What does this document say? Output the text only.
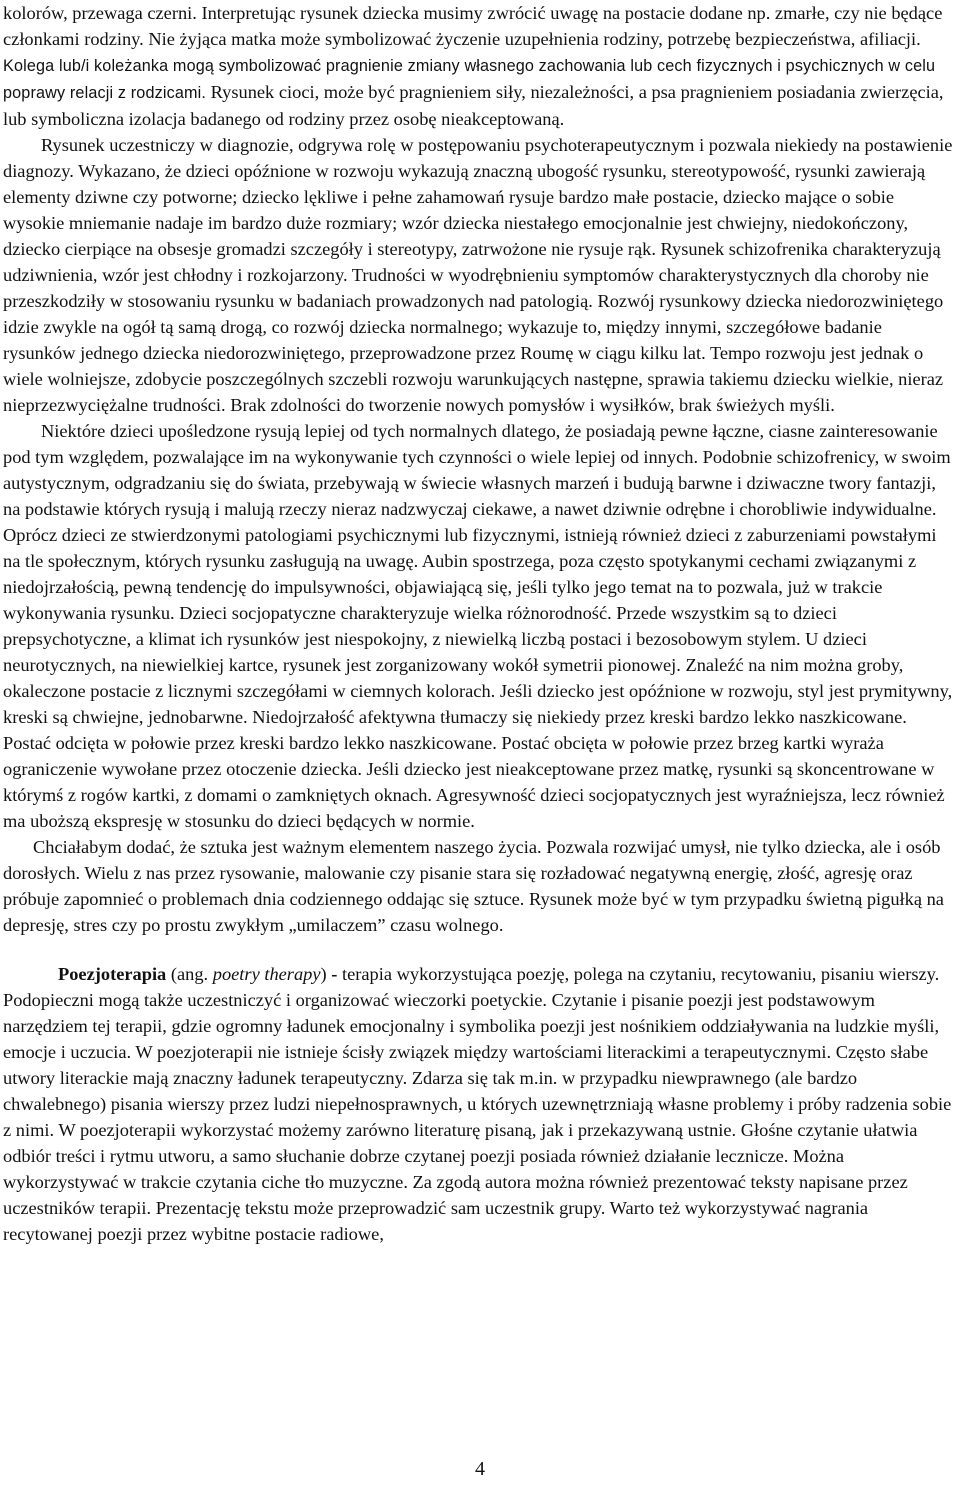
kolorów, przewaga czerni. Interpretując rysunek dziecka musimy zwrócić uwagę na postacie dodane np. zmarłe, czy nie będące członkami rodziny. Nie żyjąca matka może symbolizować życzenie uzupełnienia rodziny, potrzebę bezpieczeństwa, afiliacji. Kolega lub/i koleżanka mogą symbolizować pragnienie zmiany własnego zachowania lub cech fizycznych i psychicznych w celu poprawy relacji z rodzicami. Rysunek cioci, może być pragnieniem siły, niezależności, a psa pragnieniem posiadania zwierzęcia, lub symboliczna izolacja badanego od rodziny przez osobę nieakceptowaną.

Rysunek uczestniczy w diagnozie, odgrywa rolę w postępowaniu psychoterapeutycznym i pozwala niekiedy na postawienie diagnozy. Wykazano, że dzieci opóźnione w rozwoju wykazują znaczną ubogość rysunku, stereotypowość, rysunki zawierają elementy dziwne czy potworne; dziecko lękliwe i pełne zahamowań rysuje bardzo małe postacie, dziecko mające o sobie wysokie mniemanie nadaje im bardzo duże rozmiary; wzór dziecka niestałego emocjonalnie jest chwiejny, niedokończony, dziecko cierpiące na obsesje gromadzi szczegóły i stereotypy, zatrwożone nie rysuje rąk. Rysunek schizofrenika charakteryzują udziwnienia, wzór jest chłodny i rozkojarzony. Trudności w wyodrębnieniu symptomów charakterystycznych dla choroby nie przeszkodziły w stosowaniu rysunku w badaniach prowadzonych nad patologią. Rozwój rysunkowy dziecka niedorozwiniętego idzie zwykle na ogół tą samą drogą, co rozwój dziecka normalnego; wykazuje to, między innymi, szczegółowe badanie rysunków jednego dziecka niedorozwiniętego, przeprowadzone przez Roumę w ciągu kilku lat. Tempo rozwoju jest jednak o wiele wolniejsze, zdobycie poszczególnych szczebli rozwoju warunkujących następne, sprawia takiemu dziecku wielkie, nieraz nieprzezwyciężalne trudności. Brak zdolności do tworzenie nowych pomysłów i wysiłków, brak świeżych myśli.

Niektóre dzieci upośledzone rysują lepiej od tych normalnych dlatego, że posiadają pewne łączne, ciasne zainteresowanie pod tym względem, pozwalające im na wykonywanie tych czynności o wiele lepiej od innych. Podobnie schizofrenicy, w swoim autystycznym, odgradzaniu się do świata, przebywają w świecie własnych marzeń i budują barwne i dziwaczne twory fantazji, na podstawie których rysują i malują rzeczy nieraz nadzwyczaj ciekawe, a nawet dziwnie odrębne i chorobliwie indywidualne.

Oprócz dzieci ze stwierdzonymi patologiami psychicznymi lub fizycznymi, istnieją również dzieci z zaburzeniami powstałymi na tle społecznym, których rysunku zasługują na uwagę. Aubin spostrzega, poza często spotykanymi cechami związanymi z niedojrzałością, pewną tendencję do impulsywności, objawiającą się, jeśli tylko jego temat na to pozwala, już w trakcie wykonywania rysunku. Dzieci socjopatyczne charakteryzuje wielka różnorodność. Przede wszystkim są to dzieci prepsychotyczne, a klimat ich rysunków jest niespokojny, z niewielką liczbą postaci i bezosobowym stylem. U dzieci neurotycznych, na niewielkiej kartce, rysunek jest zorganizowany wokół symetrii pionowej. Znaleźć na nim można groby, okaleczone postacie z licznymi szczegółami w ciemnych kolorach. Jeśli dziecko jest opóźnione w rozwoju, styl jest prymitywny, kreski są chwiejne, jednobarwne. Niedojrzałość afektywna tłumaczy się niekiedy przez kreski bardzo lekko naszkicowane. Postać odcięta w połowie przez kreski bardzo lekko naszkicowane. Postać obcięta w połowie przez brzeg kartki wyraża ograniczenie wywołane przez otoczenie dziecka. Jeśli dziecko jest nieakceptowane przez matkę, rysunki są skoncentrowane w którymś z rogów kartki, z domami o zamkniętych oknach. Agresywność dzieci socjopatycznych jest wyraźniejsza, lecz również ma uboższą ekspresję w stosunku do dzieci będących w normie.

Chciałabym dodać, że sztuka jest ważnym elementem naszego życia. Pozwala rozwijać umysł, nie tylko dziecka, ale i osób dorosłych. Wielu z nas przez rysowanie, malowanie czy pisanie stara się rozładować negatywną energię, złość, agresję oraz próbuje zapomnieć o problemach dnia codziennego oddając się sztuce. Rysunek może być w tym przypadku świetną pigułką na depresję, stres czy po prostu zwykłym „umilaczem” czasu wolnego.

Poezjoterapia (ang. poetry therapy) - terapia wykorzystująca poezję, polega na czytaniu, recytowaniu, pisaniu wierszy. Podopieczni mogą także uczestniczyć i organizować wieczorki poetyckie. Czytanie i pisanie poezji jest podstawowym narzędziem tej terapii, gdzie ogromny ładunek emocjonalny i symbolika poezji jest nośnikiem oddziaływania na ludzkie myśli, emocje i uczucia. W poezjoterapii nie istnieje ścisły związek między wartościami literackimi a terapeutycznymi. Często słabe utwory literackie mają znaczny ładunek terapeutyczny. Zdarza się tak m.in. w przypadku niewprawnego (ale bardzo chwalebnego) pisania wierszy przez ludzi niepełnosprawnych, u których uzewnętrzniają własne problemy i próby radzenia sobie z nimi. W poezjoterapii wykorzystać możemy zarówno literaturę pisaną, jak i przekazywaną ustnie. Głośne czytanie ułatwia odbiór treści i rytmu utworu, a samo słuchanie dobrze czytanej poezji posiada również działanie lecznicze. Można wykorzystywać w trakcie czytania ciche tło muzyczne. Za zgodą autora można również prezentować teksty napisane przez uczestników terapii. Prezentację tekstu może przeprowadzić sam uczestnik grupy. Warto też wykorzystywać nagrania recytowanej poezji przez wybitne postacie radiowe,

4
